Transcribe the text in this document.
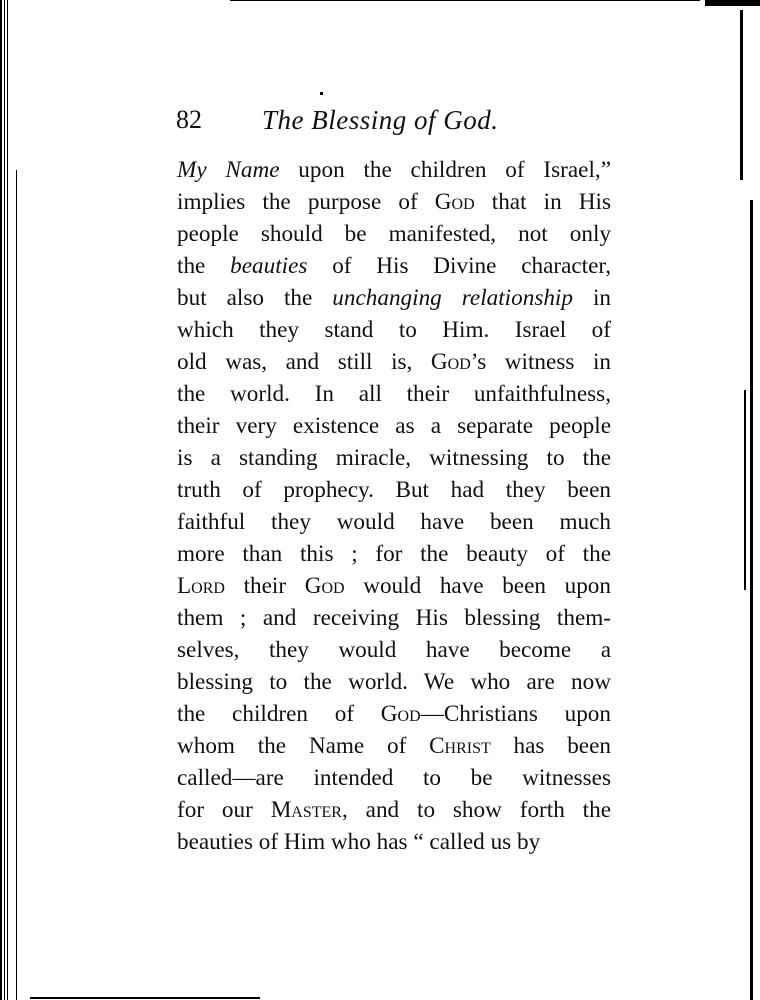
82 The Blessing of God.
My Name upon the children of Israel,”
implies the purpose of God that in His
people should be manifested, not only
the beauties of His Divine character,
but also the unchanging relationship in
which they stand to Him. Israel of
old was, and still is, God’s witness in
the world. In all their unfaithfulness,
their very existence as a separate people
is a standing miracle, witnessing to the
truth of prophecy. But had they been
faithful they would have been much
more than this ; for the beauty of the
Lord their God would have been upon
them ; and receiving His blessing them-
selves, they would have become a
blessing to the world. We who are now
the children of God—Christians upon
whom the Name of Christ has been
called—are intended to be witnesses
for our Master, and to show forth the
beauties of Him who has “ called us by
